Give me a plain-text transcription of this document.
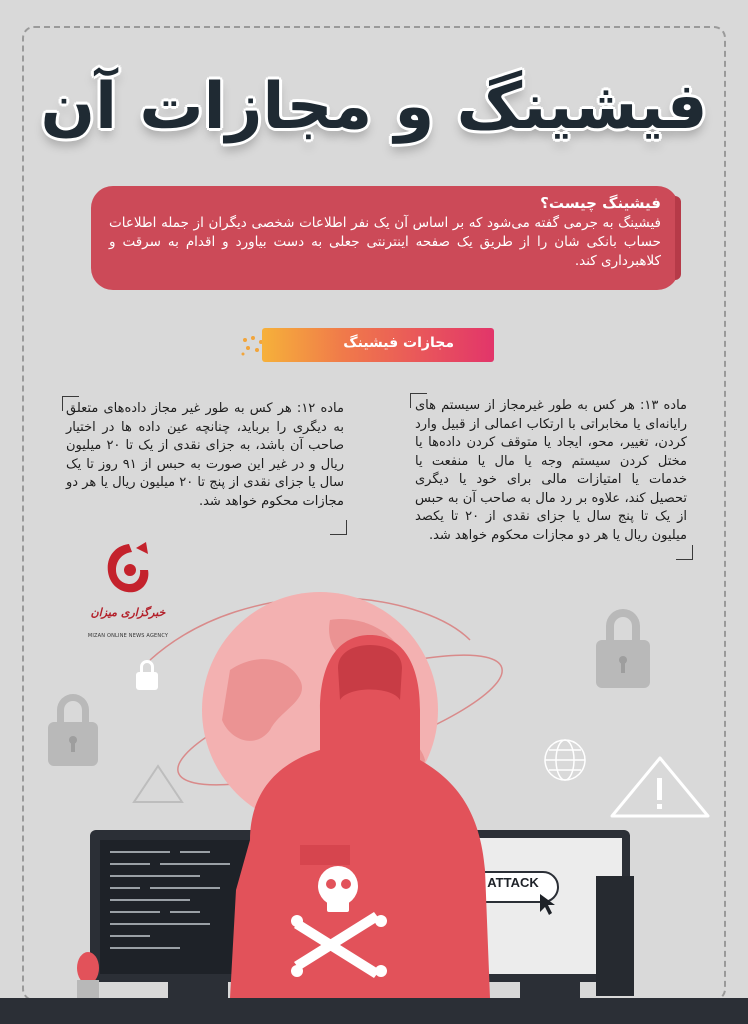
فیشینگ و مجازات آن
فیشینگ چیست؟
فیشینگ به جرمی گفته می‌شود که بر اساس آن یک نفر اطلاعات شخصی دیگران از جمله اطلاعات حساب بانکی شان را از طریق یک صفحه اینترنتی جعلی به دست بیاورد و اقدام به سرقت و کلاهبرداری کند.
مجازات فیشینگ
ماده ۱۲: هر کس به طور غیر مجاز داده‌های متعلق به دیگری را برباید، چنانچه عین داده ها در اختیار صاحب آن باشد، به جزای نقدی از یک تا ۲۰ میلیون ریال و در غیر این صورت به حبس از ۹۱ روز تا یک سال یا جزای نقدی از پنج تا ۲۰ میلیون ریال یا هر دو مجازات محکوم خواهد شد.
ماده ۱۳: هر کس به طور غیرمجاز از سیستم های رایانه‌ای یا مخابراتی با ارتکاب اعمالی از قبیل وارد کردن، تغییر، محو، ایجاد یا متوقف کردن داده‌ها یا مختل کردن سیستم وجه یا مال یا منفعت یا خدمات یا امتیازات مالی برای خود یا دیگری تحصیل کند، علاوه بر رد مال به صاحب آن به حبس از یک تا پنج سال یا جزای نقدی از ۲۰ تا یکصد میلیون ریال یا هر دو مجازات محکوم خواهد شد.
خبرگزاری میزان
MIZAN ONLINE NEWS AGENCY
ATTACK
